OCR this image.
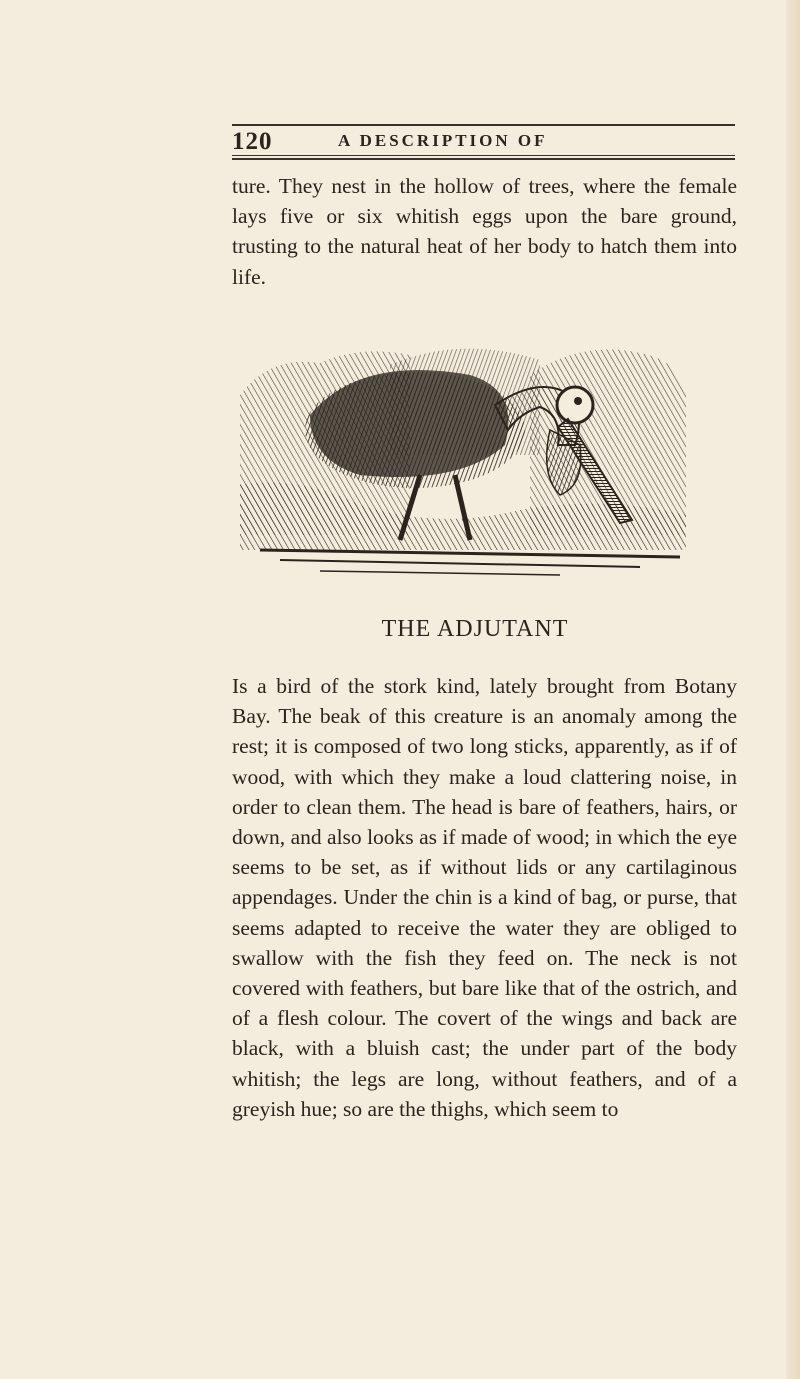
120	A DESCRIPTION OF
ture. They nest in the hollow of trees, where the female lays five or six whitish eggs upon the bare ground, trusting to the natural heat of her body to hatch them into life.
THE ADJUTANT
Is a bird of the stork kind, lately brought from Botany Bay. The beak of this creature is an anomaly among the rest; it is composed of two long sticks, apparently, as if of wood, with which they make a loud clattering noise, in order to clean them. The head is bare of feathers, hairs, or down, and also looks as if made of wood; in which the eye seems to be set, as if without lids or any cartilaginous appendages. Under the chin is a kind of bag, or purse, that seems adapted to receive the water they are obliged to swallow with the fish they feed on. The neck is not covered with feathers, but bare like that of the ostrich, and of a flesh colour. The covert of the wings and back are black, with a bluish cast; the under part of the body whitish; the legs are long, without feathers, and of a greyish hue; so are the thighs, which seem to
